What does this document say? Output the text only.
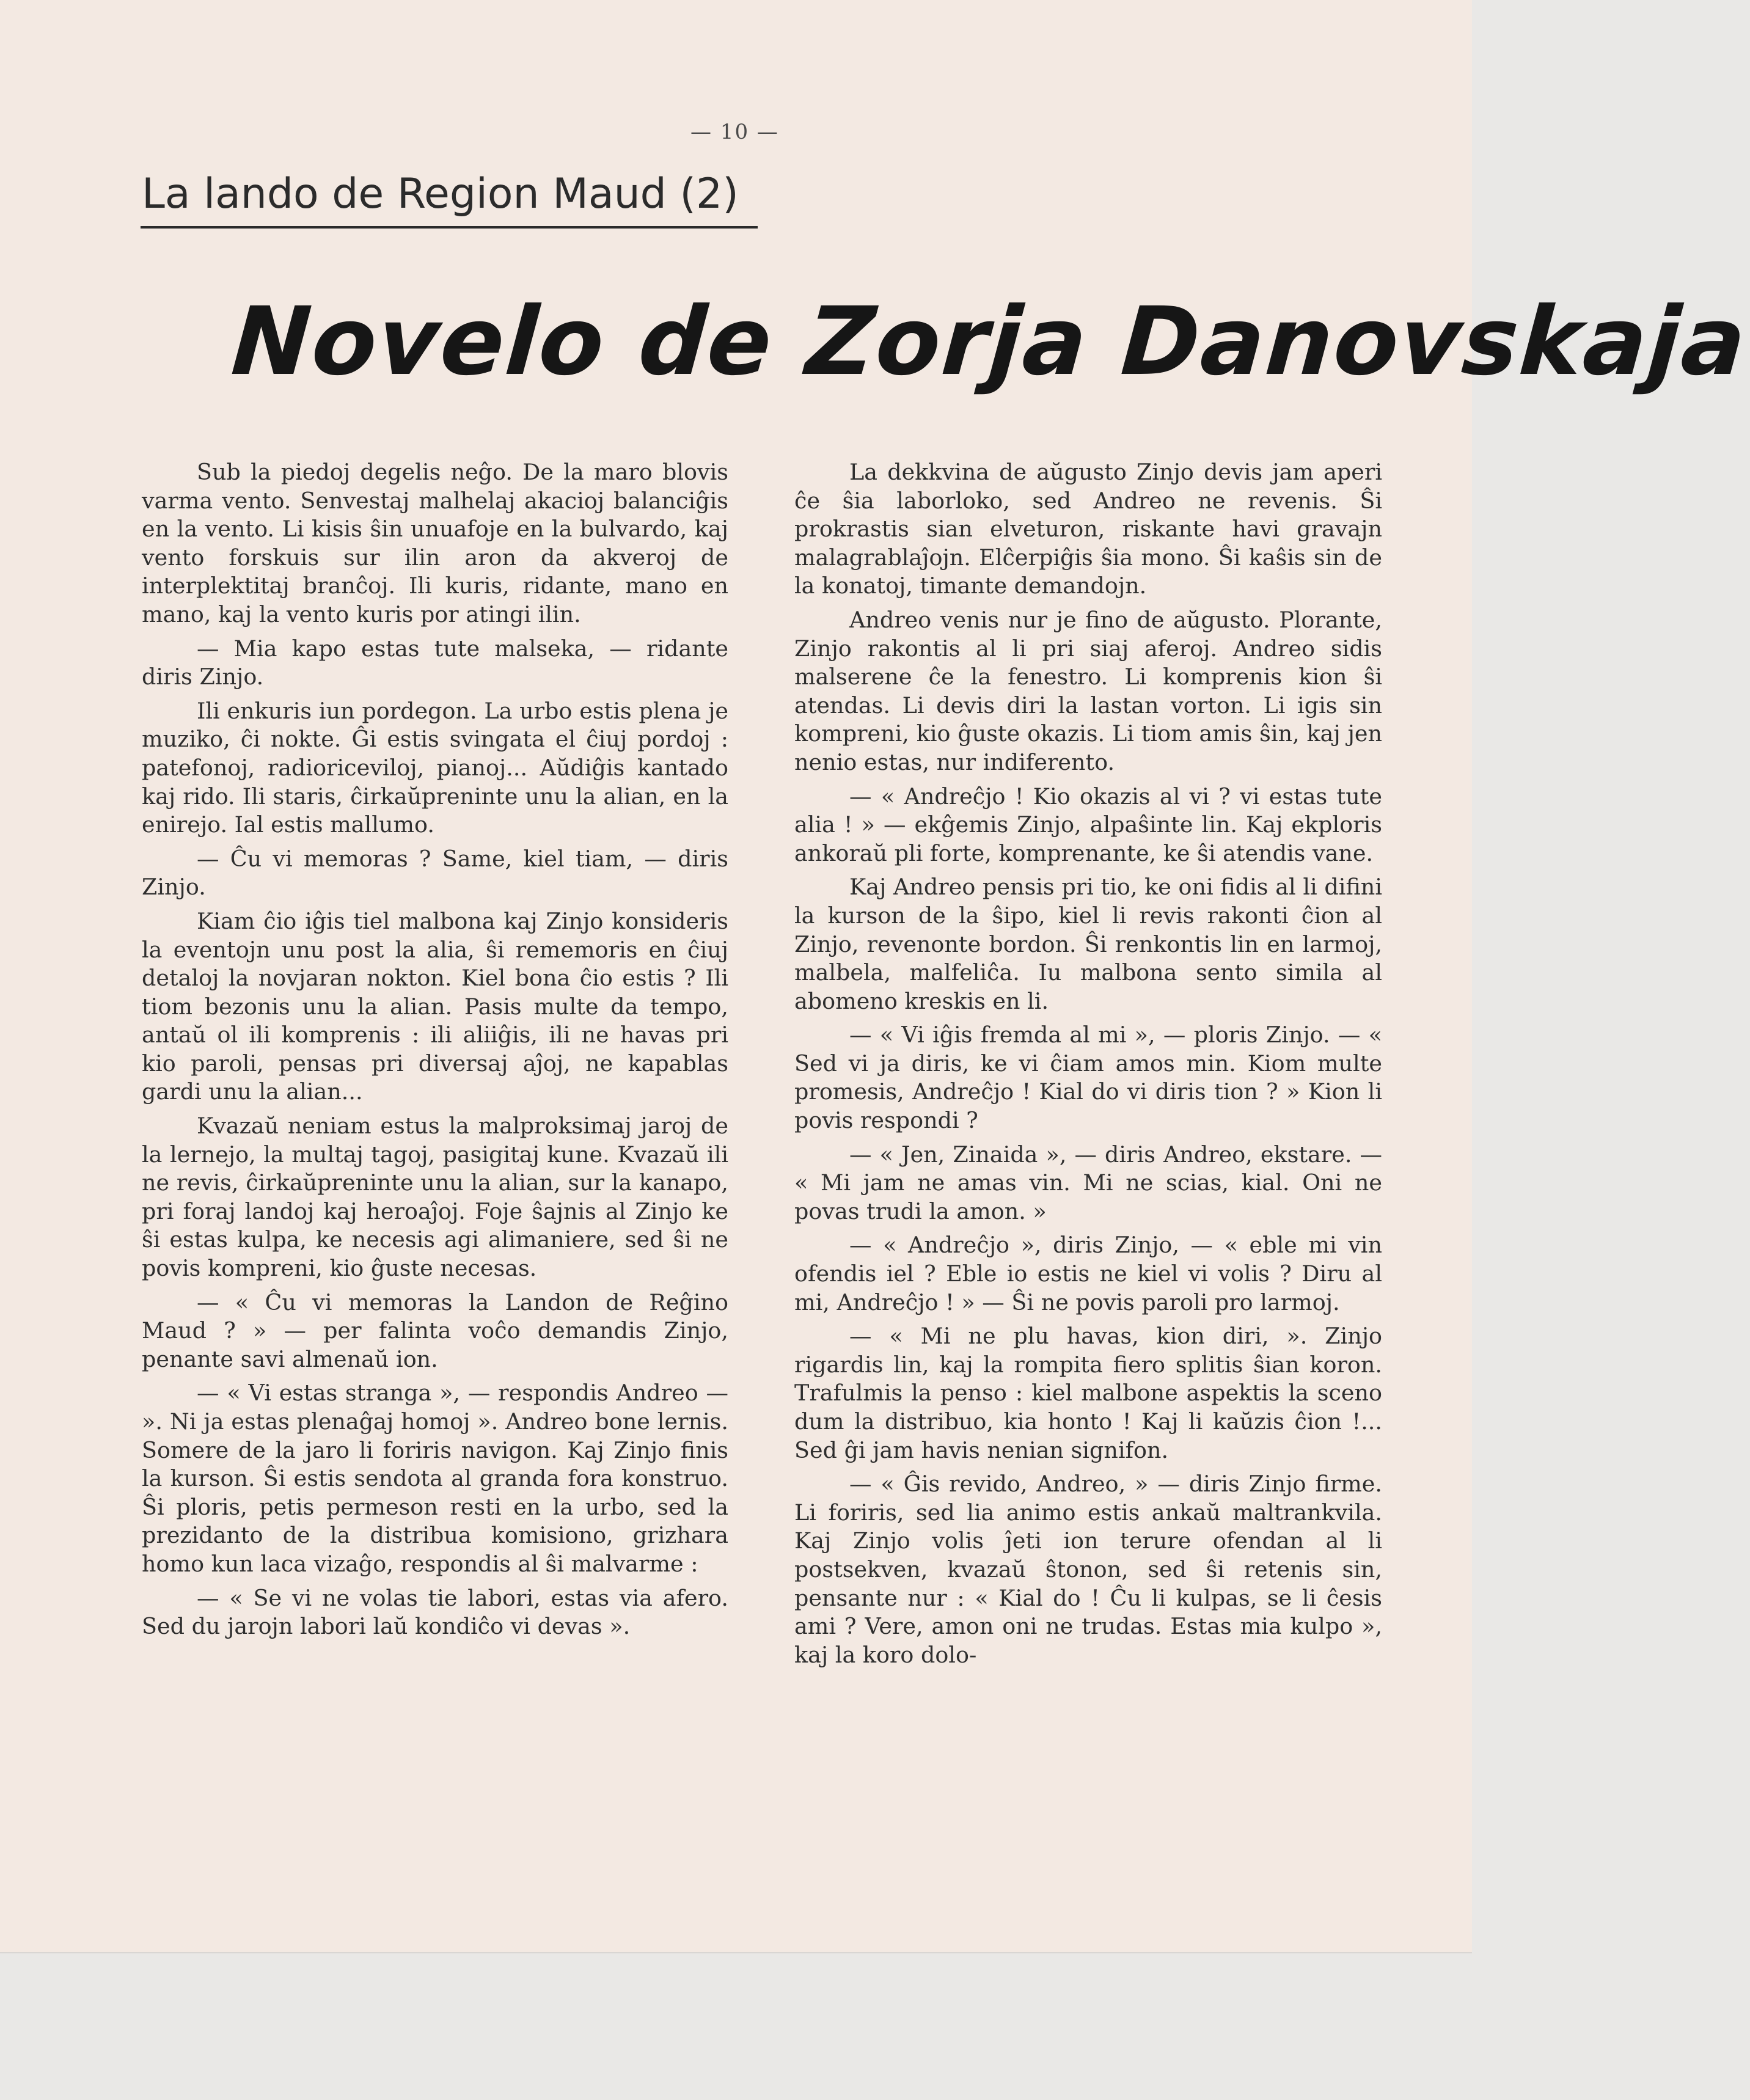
— 10 —
La lando de Region Maud (2)
Novelo de Zorja Danovskaja

Sub la piedoj degelis neĝo. De la maro blovis varma vento. Senvestaj malhelaj akacioj balanciĝis en la vento. Li kisis ŝin unuafoje en la bulvardo, kaj vento forskuis sur ilin aron da akveroj de interplektitaj branĉoj. Ili kuris, ridante, mano en mano, kaj la vento kuris por atingi ilin.

— Mia kapo estas tute malseka, — ridante diris Zinjo.

Ili enkuris iun pordegon. La urbo estis plena je muziko, ĉi nokte. Ĝi estis svingata el ĉiuj pordoj : patefonoj, radioriceviloj, pianoj... Aŭdiĝis kantado kaj rido. Ili staris, ĉirkaŭpreninte unu la alian, en la enirejo. Ial estis mallumo.

— Ĉu vi memoras ? Same, kiel tiam, — diris Zinjo.

Kiam ĉio iĝis tiel malbona kaj Zinjo konsideris la eventojn unu post la alia, ŝi rememoris en ĉiuj detaloj la novjaran nokton. Kiel bona ĉio estis ? Ili tiom bezonis unu la alian. Pasis multe da tempo, antaŭ ol ili komprenis : ili aliiĝis, ili ne havas pri kio paroli, pensas pri diversaj aĵoj, ne kapablas gardi unu la alian...

Kvazaŭ neniam estus la malproksimaj jaroj de la lernejo, la multaj tagoj, pasigitaj kune. Kvazaŭ ili ne revis, ĉirkaŭpreninte unu la alian, sur la kanapo, pri foraj landoj kaj heroaĵoj. Foje ŝajnis al Zinjo ke ŝi estas kulpa, ke necesis agi alimaniere, sed ŝi ne povis kompreni, kio ĝuste necesas.

— « Ĉu vi memoras la Landon de Reĝino Maud ? » — per falinta voĉo demandis Zinjo, penante savi almenaŭ ion.

— « Vi estas stranga », — respondis Andreo — ». Ni ja estas plenaĝaj homoj ». Andreo bone lernis. Somere de la jaro li foriris navigon. Kaj Zinjo finis la kurson. Ŝi estis sendota al granda fora konstruo. Ŝi ploris, petis permeson resti en la urbo, sed la prezidanto de la distribua komisiono, grizhara homo kun laca vizaĝo, respondis al ŝi malvarme :

— « Se vi ne volas tie labori, estas via afero. Sed du jarojn labori laŭ kondiĉo vi devas ».

La dekkvina de aŭgusto Zinjo devis jam aperi ĉe ŝia laborloko, sed Andreo ne revenis. Ŝi prokrastis sian elveturon, riskante havi gravajn malagrablaĵojn. Elĉerpiĝis ŝia mono. Ŝi kaŝis sin de la konatoj, timante demandojn.

Andreo venis nur je fino de aŭgusto. Plorante, Zinjo rakontis al li pri siaj aferoj. Andreo sidis malserene ĉe la fenestro. Li komprenis kion ŝi atendas. Li devis diri la lastan vorton. Li igis sin kompreni, kio ĝuste okazis. Li tiom amis ŝin, kaj jen nenio estas, nur indiferento.

— « Andreĉjo ! Kio okazis al vi ? vi estas tute alia ! » — ekĝemis Zinjo, alpaŝinte lin. Kaj ekploris ankoraŭ pli forte, komprenante, ke ŝi atendis vane.

Kaj Andreo pensis pri tio, ke oni fidis al li difini la kurson de la ŝipo, kiel li revis rakonti ĉion al Zinjo, revenonte bordon. Ŝi renkontis lin en larmoj, malbela, malfeliĉa. Iu malbona sento simila al abomeno kreskis en li.

— « Vi iĝis fremda al mi », — ploris Zinjo. — « Sed vi ja diris, ke vi ĉiam amos min. Kiom multe promesis, Andreĉjo ! Kial do vi diris tion ? » Kion li povis respondi ?

— « Jen, Zinaida », — diris Andreo, ekstare. — « Mi jam ne amas vin. Mi ne scias, kial. Oni ne povas trudi la amon. »

— « Andreĉjo », diris Zinjo, — « eble mi vin ofendis iel ? Eble io estis ne kiel vi volis ? Diru al mi, Andreĉjo ! » — Ŝi ne povis paroli pro larmoj.

— « Mi ne plu havas, kion diri, ». Zinjo rigardis lin, kaj la rompita fiero splitis ŝian koron. Trafulmis la penso : kiel malbone aspektis la sceno dum la distribuo, kia honto ! Kaj li kaŭzis ĉion !... Sed ĝi jam havis nenian signifon.

— « Ĝis revido, Andreo, » — diris Zinjo firme. Li foriris, sed lia animo estis ankaŭ maltrankvila. Kaj Zinjo volis ĵeti ion terure ofendan al li postsekven, kvazaŭ ŝtonon, sed ŝi retenis sin, pensante nur : « Kial do ! Ĉu li kulpas, se li ĉesis ami ? Vere, amon oni ne trudas. Estas mia kulpo », kaj la koro dolo-
